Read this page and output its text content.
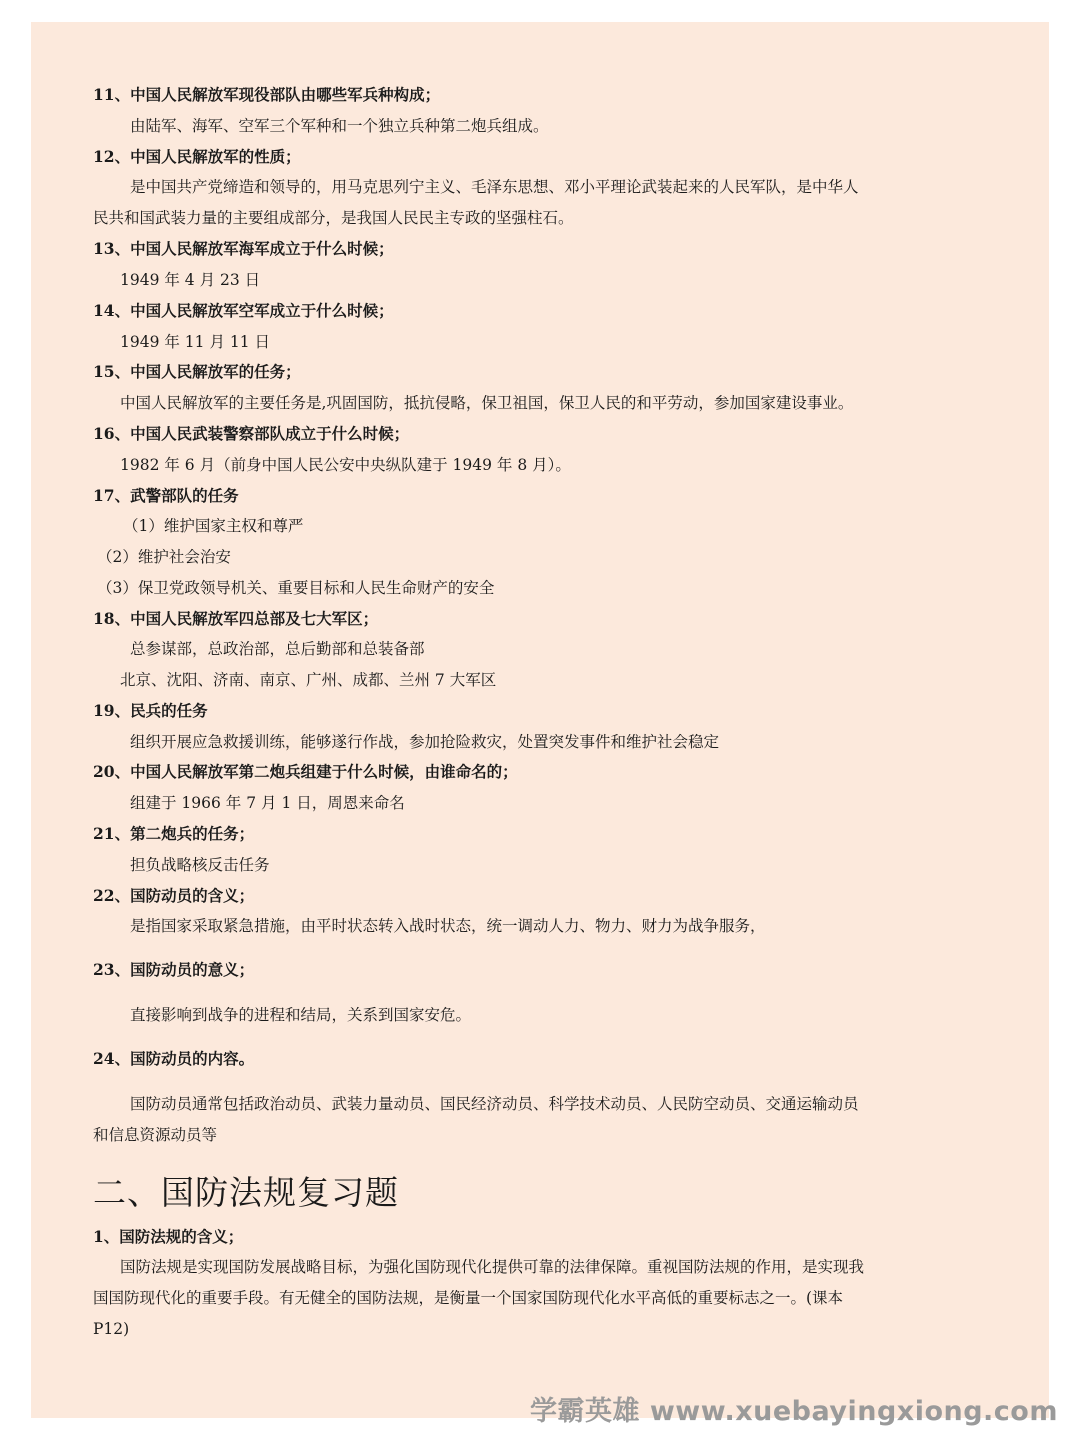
11、中国人民解放军现役部队由哪些军兵种构成；
由陆军、海军、空军三个军种和一个独立兵种第二炮兵组成。
12、中国人民解放军的性质；
是中国共产党缔造和领导的，用马克思列宁主义、毛泽东思想、邓小平理论武装起来的人民军队，是中华人
民共和国武装力量的主要组成部分，是我国人民民主专政的坚强柱石。
13、中国人民解放军海军成立于什么时候；
1949 年 4 月 23 日
14、中国人民解放军空军成立于什么时候；
1949 年 11 月 11 日
15、中国人民解放军的任务；
中国人民解放军的主要任务是,巩固国防，抵抗侵略，保卫祖国，保卫人民的和平劳动，参加国家建设事业。
16、中国人民武装警察部队成立于什么时候；
1982 年 6 月（前身中国人民公安中央纵队建于 1949 年 8 月）。
17、武警部队的任务
（1）维护国家主权和尊严
（2）维护社会治安
（3）保卫党政领导机关、重要目标和人民生命财产的安全
18、中国人民解放军四总部及七大军区；
总参谋部，总政治部，总后勤部和总装备部
北京、沈阳、济南、南京、广州、成都、兰州 7 大军区
19、民兵的任务
组织开展应急救援训练，能够遂行作战，参加抢险救灾，处置突发事件和维护社会稳定
20、中国人民解放军第二炮兵组建于什么时候，由谁命名的；
组建于 1966 年 7 月 1 日，周恩来命名
21、第二炮兵的任务；
担负战略核反击任务
22、国防动员的含义；
是指国家采取紧急措施，由平时状态转入战时状态，统一调动人力、物力、财力为战争服务，
23、国防动员的意义；
直接影响到战争的进程和结局，关系到国家安危。
24、国防动员的内容。
国防动员通常包括政治动员、武装力量动员、国民经济动员、科学技术动员、人民防空动员、交通运输动员
和信息资源动员等
二、国防法规复习题
1、国防法规的含义；
国防法规是实现国防发展战略目标，为强化国防现代化提供可靠的法律保障。重视国防法规的作用，是实现我
国国防现代化的重要手段。有无健全的国防法规，是衡量一个国家国防现代化水平高低的重要标志之一。(课本
P12)
学霸英雄 www.xuebayingxiong.com
